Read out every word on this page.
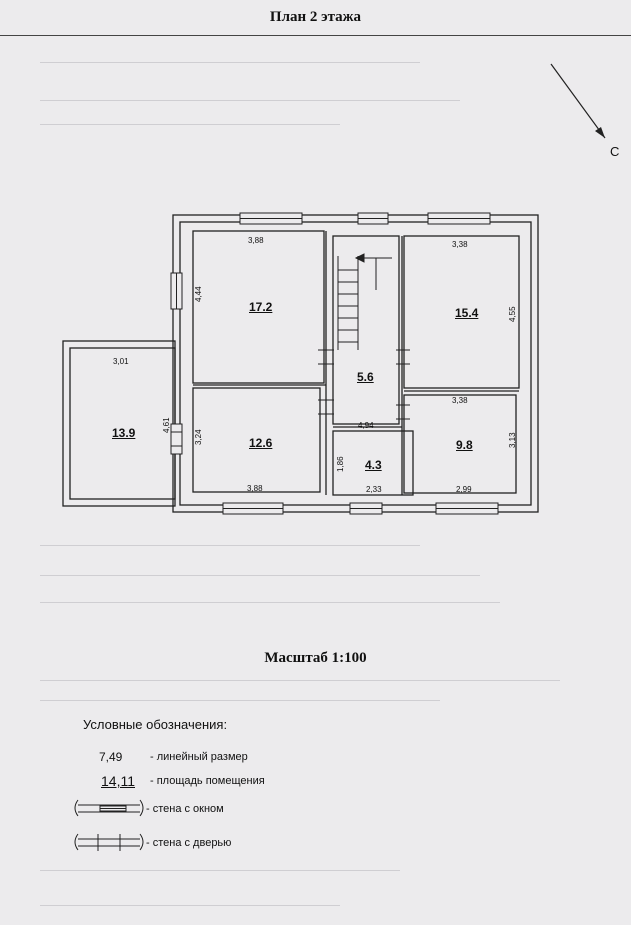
План 2 этажа
С
17.2	15.4
5.6
13.9
12.6
4.3
9.8
3,88
4,44
3,38
4,55
3,01
4,61
3,24
3,38
4,94
1,86
3,13
3,88	2,33	2,99
Масштаб 1:100
Условные обозначения:
7,49	- линейный размер
14,11 - площадь помещения
- стена с окном
- стена с дверью
